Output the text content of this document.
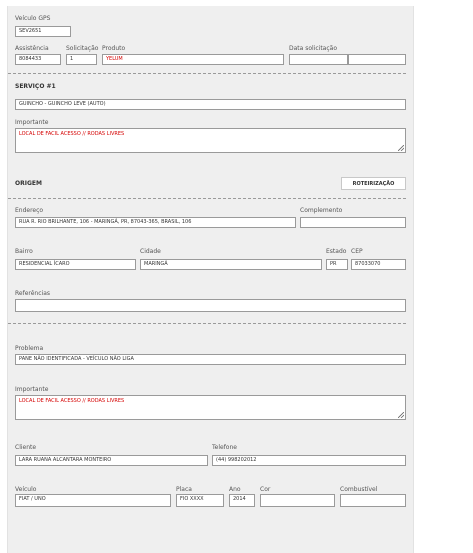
Veículo GPS
SEV2651
Assistência
8084433
Solicitação
1
Produto
YELUM
Data solicitação
SERVIÇO #1
GUINCHO - GUINCHO LEVE (AUTO)
Importante
LOCAL DE FACIL ACESSO // RODAS LIVRES
ORIGEM	ROTEIRIZAÇÃO
Endereço
RUA R. RIO BRILHANTE, 106 - MARINGÁ, PR, 87043-365, BRASIL, 106
Complemento
Bairro
RESIDENCIAL ÍCARO
Cidade
MARINGÁ
Estado
PR
CEP
87033070
Referências
Problema
PANE NÃO IDENTIFICADA - VEÍCULO NÃO LIGA
Importante
LOCAL DE FACIL ACESSO // RODAS LIVRES
Cliente
LARA RUANA ALCANTARA MONTEIRO
Telefone
(44) 998202012
Veículo
FIAT / UNO
Placa
FIO XXXX
Ano
2014
Cor	Combustível
